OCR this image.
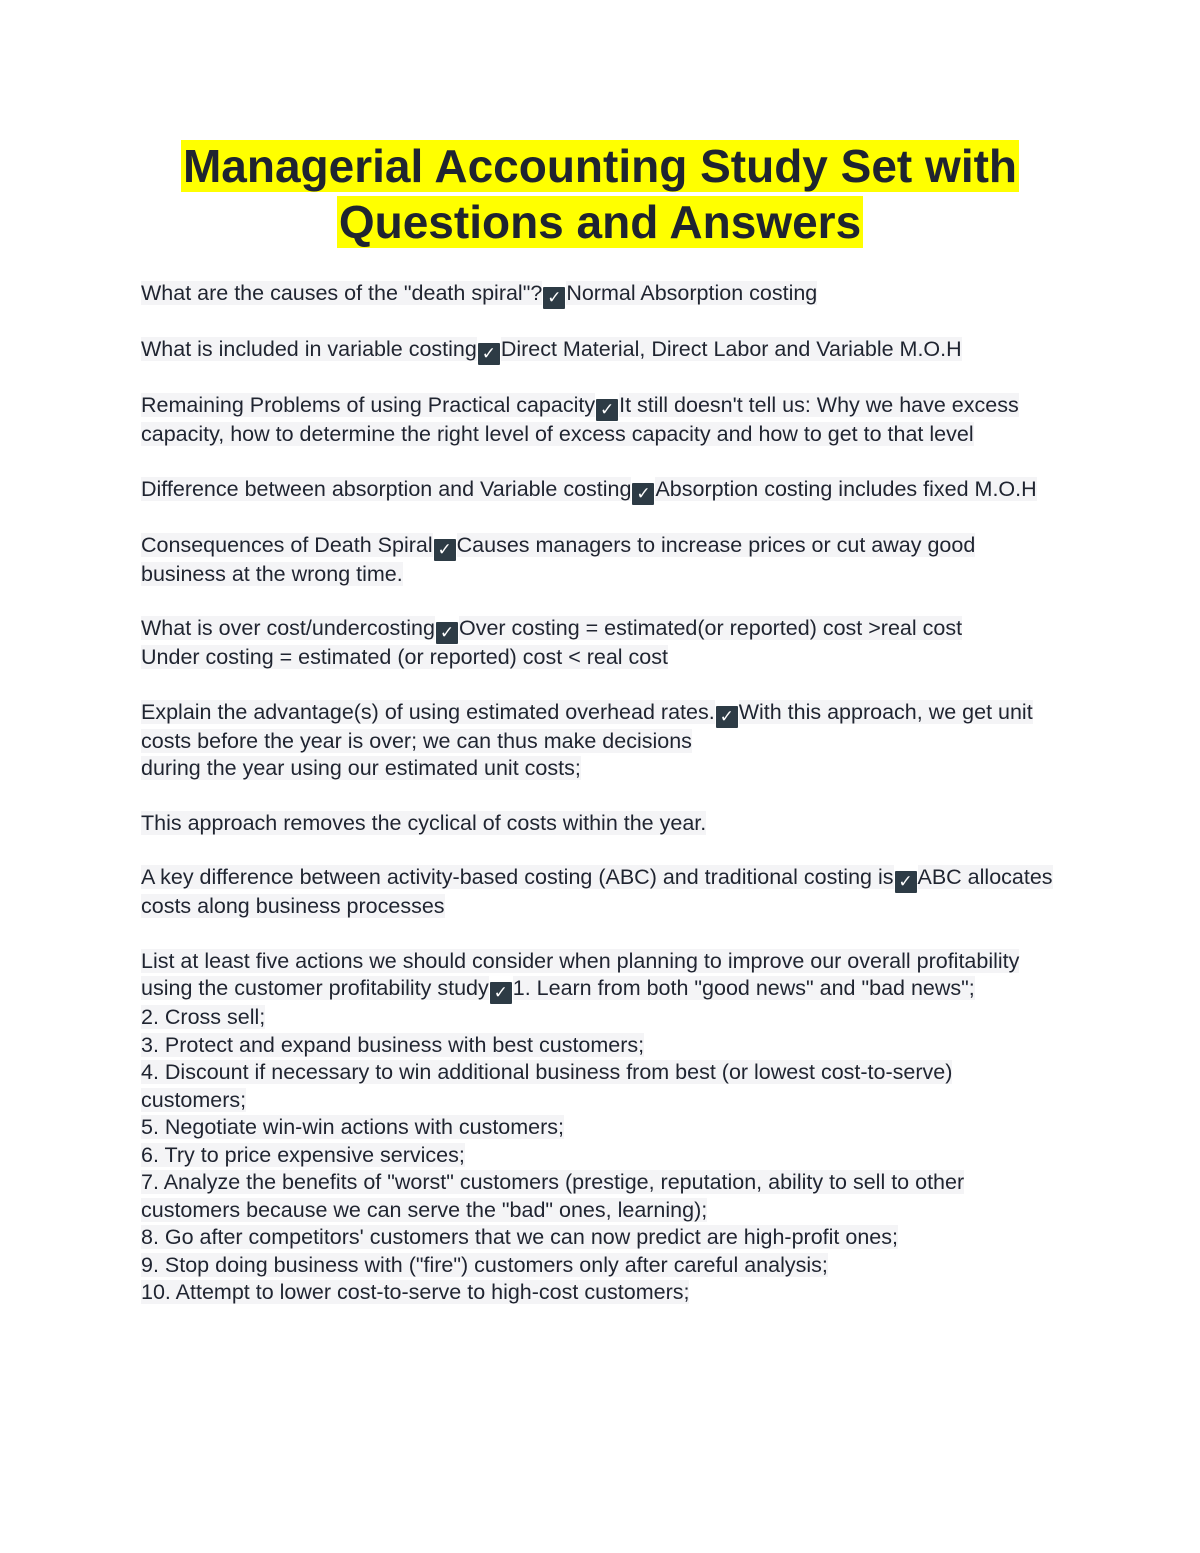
Managerial Accounting Study Set with
Questions and Answers

What are the causes of the "death spiral"? ✓ Normal Absorption costing

What is included in variable costing ✓ Direct Material, Direct Labor and Variable M.O.H

Remaining Problems of using Practical capacity ✓ It still doesn't tell us: Why we have excess capacity, how to determine the right level of excess capacity and how to get to that level

Difference between absorption and Variable costing ✓ Absorption costing includes fixed M.O.H

Consequences of Death Spiral ✓ Causes managers to increase prices or cut away good business at the wrong time.

What is over cost/undercosting ✓ Over costing = estimated(or reported) cost >real cost
Under costing = estimated (or reported) cost < real cost

Explain the advantage(s) of using estimated overhead rates. ✓ With this approach, we get unit costs before the year is over; we can thus make decisions
during the year using our estimated unit costs;

This approach removes the cyclical of costs within the year.

A key difference between activity-based costing (ABC) and traditional costing is ✓ ABC allocates costs along business processes

List at least five actions we should consider when planning to improve our overall profitability using the customer profitability study ✓ 1. Learn from both "good news" and "bad news";
2. Cross sell;
3. Protect and expand business with best customers;
4. Discount if necessary to win additional business from best (or lowest cost-to-serve) customers;
5. Negotiate win-win actions with customers;
6. Try to price expensive services;
7. Analyze the benefits of "worst" customers (prestige, reputation, ability to sell to other customers because we can serve the "bad" ones, learning);
8. Go after competitors' customers that we can now predict are high-profit ones;
9. Stop doing business with ("fire") customers only after careful analysis;
10. Attempt to lower cost-to-serve to high-cost customers;
